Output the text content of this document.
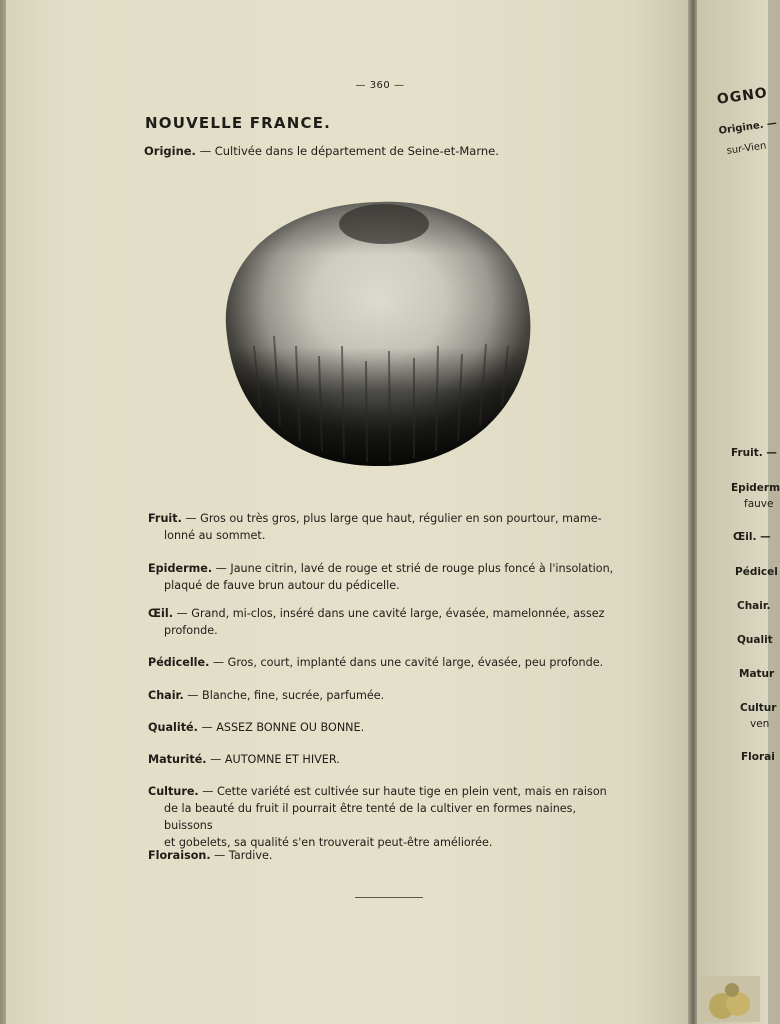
— 360 —
NOUVELLE FRANCE.
Origine. — Cultivée dans le département de Seine-et-Marne.
Fruit. — Gros ou très gros, plus large que haut, régulier en son pourtour, mame-
lonné au sommet.
Epiderme. — Jaune citrin, lavé de rouge et strié de rouge plus foncé à l'insolation,
plaqué de fauve brun autour du pédicelle.
Œil. — Grand, mi-clos, inséré dans une cavité large, évasée, mamelonnée, assez
profonde.
Pédicelle. — Gros, court, implanté dans une cavité large, évasée, peu profonde.
Chair. — Blanche, fine, sucrée, parfumée.
Qualité. — ASSEZ BONNE OU BONNE.
Maturité. — AUTOMNE ET HIVER.
Culture. — Cette variété est cultivée sur haute tige en plein vent, mais en raison
de la beauté du fruit il pourrait être tenté de la cultiver en formes naines, buissons
et gobelets, sa qualité s'en trouverait peut-être améliorée.
Floraison. — Tardive.
OGNO
Origine. —
sur-Vien
Fruit. —
Epiderm
fauve
Œil. —
Pédicel
Chair.
Qualit
Matur
Cultur
ven
Florai
